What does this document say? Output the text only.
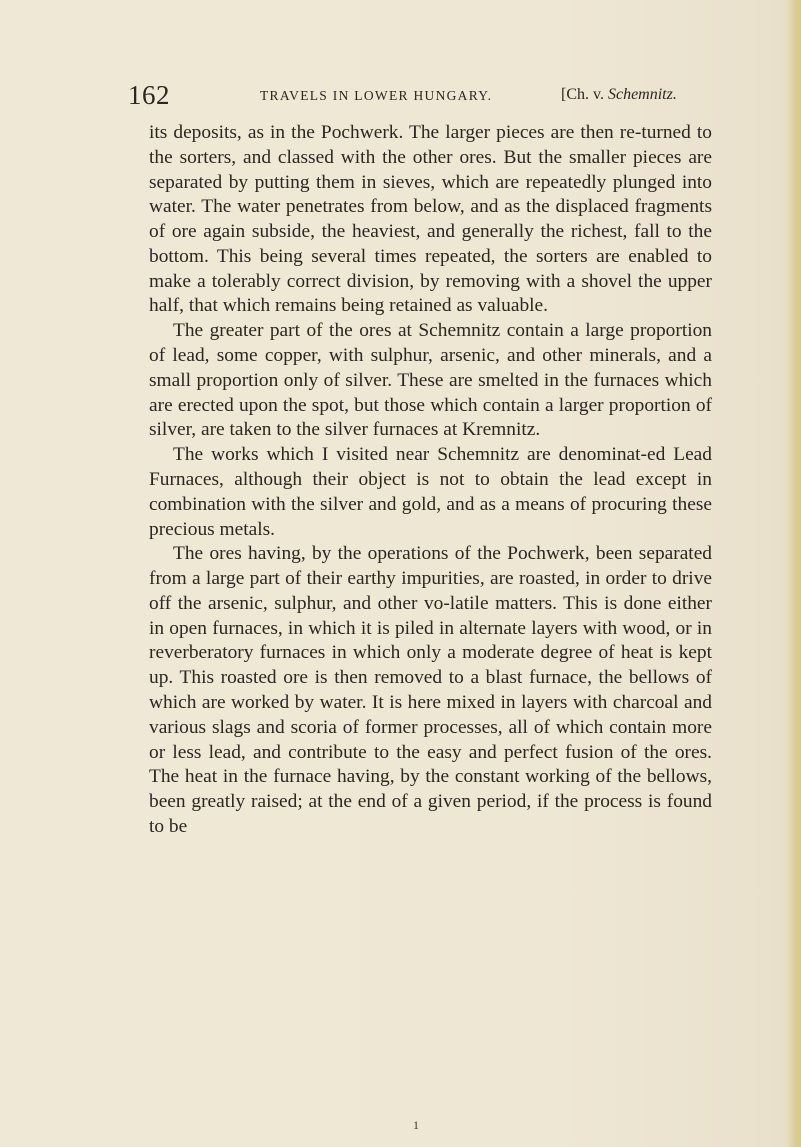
162	TRAVELS IN LOWER HUNGARY.	[Ch. v. Schemnitz.

its deposits, as in the Pochwerk. The larger pieces are then re-turned to the sorters, and classed with the other ores. But the smaller pieces are separated by putting them in sieves, which are repeatedly plunged into water. The water penetrates from below, and as the displaced fragments of ore again subside, the heaviest, and generally the richest, fall to the bottom. This being several times repeated, the sorters are enabled to make a tolerably correct division, by removing with a shovel the upper half, that which remains being retained as valuable.

The greater part of the ores at Schemnitz contain a large proportion of lead, some copper, with sulphur, arsenic, and other minerals, and a small proportion only of silver. These are smelted in the furnaces which are erected upon the spot, but those which contain a larger proportion of silver, are taken to the silver furnaces at Kremnitz.

The works which I visited near Schemnitz are denominat-ed Lead Furnaces, although their object is not to obtain the lead except in combination with the silver and gold, and as a means of procuring these precious metals.

The ores having, by the operations of the Pochwerk, been separated from a large part of their earthy impurities, are roasted, in order to drive off the arsenic, sulphur, and other vo-latile matters. This is done either in open furnaces, in which it is piled in alternate layers with wood, or in reverberatory furnaces in which only a moderate degree of heat is kept up. This roasted ore is then removed to a blast furnace, the bellows of which are worked by water. It is here mixed in layers with charcoal and various slags and scoria of former processes, all of which contain more or less lead, and contribute to the easy and perfect fusion of the ores. The heat in the furnace having, by the constant working of the bellows, been greatly raised; at the end of a given period, if the process is found to be

1
